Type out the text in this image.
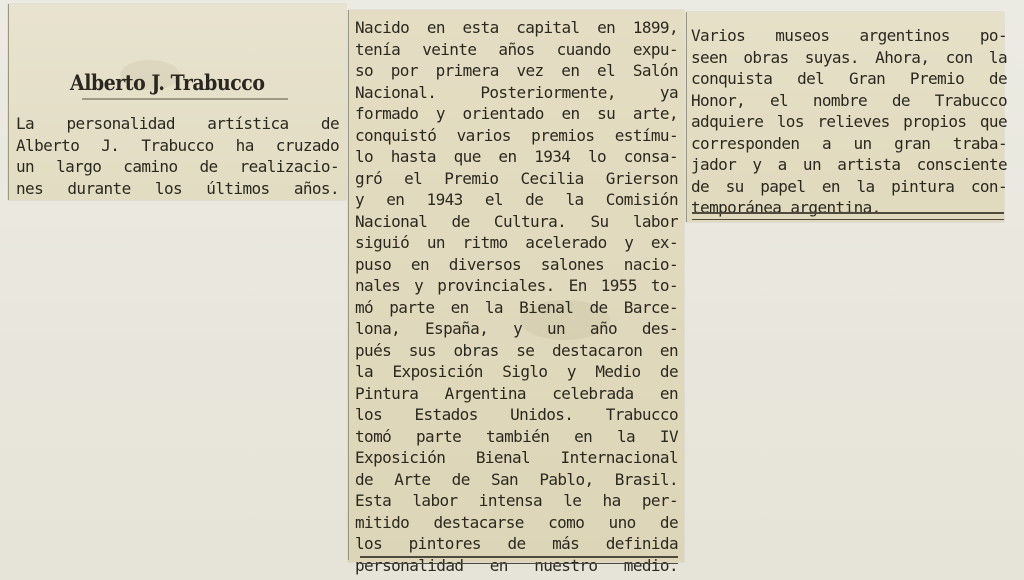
Alberto J. Trabucco
La personalidad artística de
Alberto J. Trabucco ha cruzado
un largo camino de realizacio-
nes durante los últimos años.
Nacido en esta capital en 1899,
tenía veinte años cuando expu-
so por primera vez en el Salón
Nacional. Posteriormente, ya
formado y orientado en su arte,
conquistó varios premios estímu-
lo hasta que en 1934 lo consa-
gró el Premio Cecilia Grierson
y en 1943 el de la Comisión
Nacional de Cultura. Su labor
siguió un ritmo acelerado y ex-
puso en diversos salones nacio-
nales y provinciales. En 1955 to-
mó parte en la Bienal de Barce-
lona, España, y un año des-
pués sus obras se destacaron en
la Exposición Siglo y Medio de
Pintura Argentina celebrada en
los Estados Unidos. Trabucco
tomó parte también en la IV
Exposición Bienal Internacional
de Arte de San Pablo, Brasil.
Esta labor intensa le ha per-
mitido destacarse como uno de
los pintores de más definida
personalidad en nuestro medio.
Varios museos argentinos po-
seen obras suyas. Ahora, con la
conquista del Gran Premio de
Honor, el nombre de Trabucco
adquiere los relieves propios que
corresponden a un gran traba-
jador y a un artista consciente
de su papel en la pintura con-
temporánea argentina.
